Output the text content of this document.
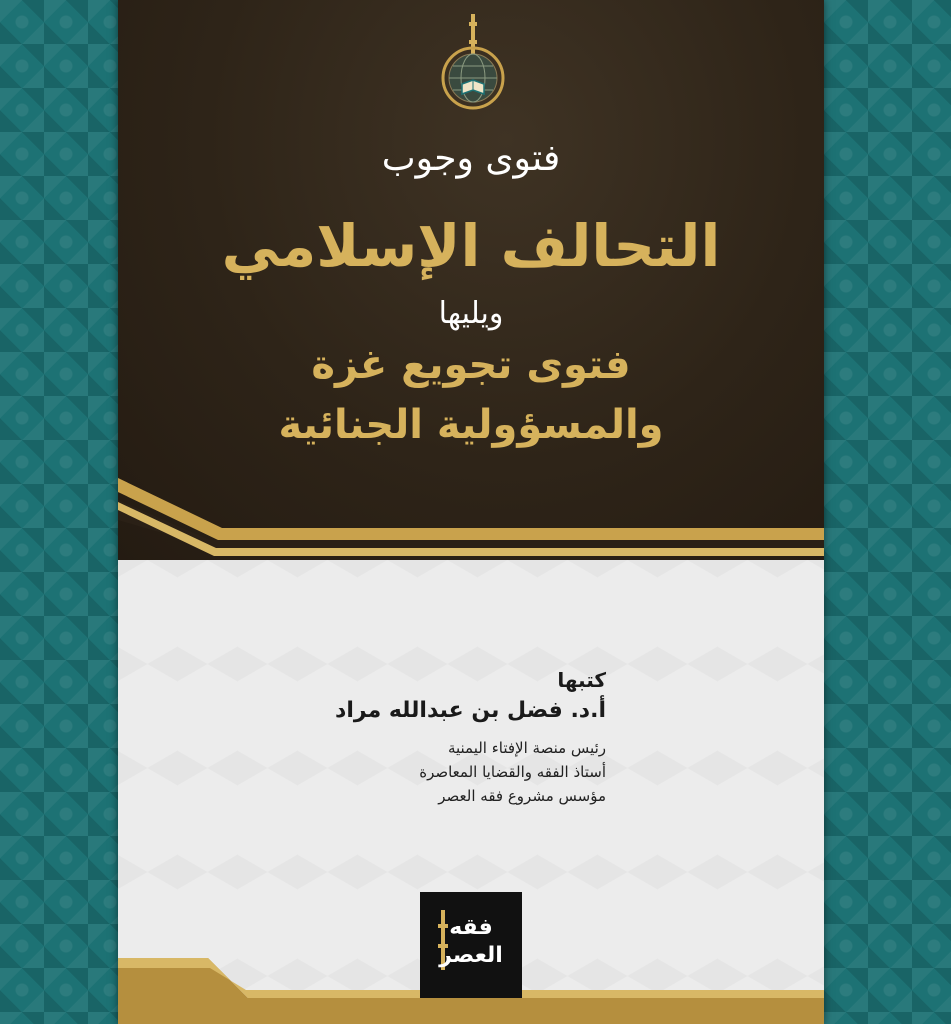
فتوى وجوب
التحالف الإسلامي
ويليها
فتوى تجويع غزة
والمسؤولية الجنائية

كتبها

أ.د. فضل بن عبدالله مراد

رئيس منصة الإفتاء اليمنية

أستاذ الفقه والقضايا المعاصرة

مؤسس مشروع فقه العصر

فقه
العصر
